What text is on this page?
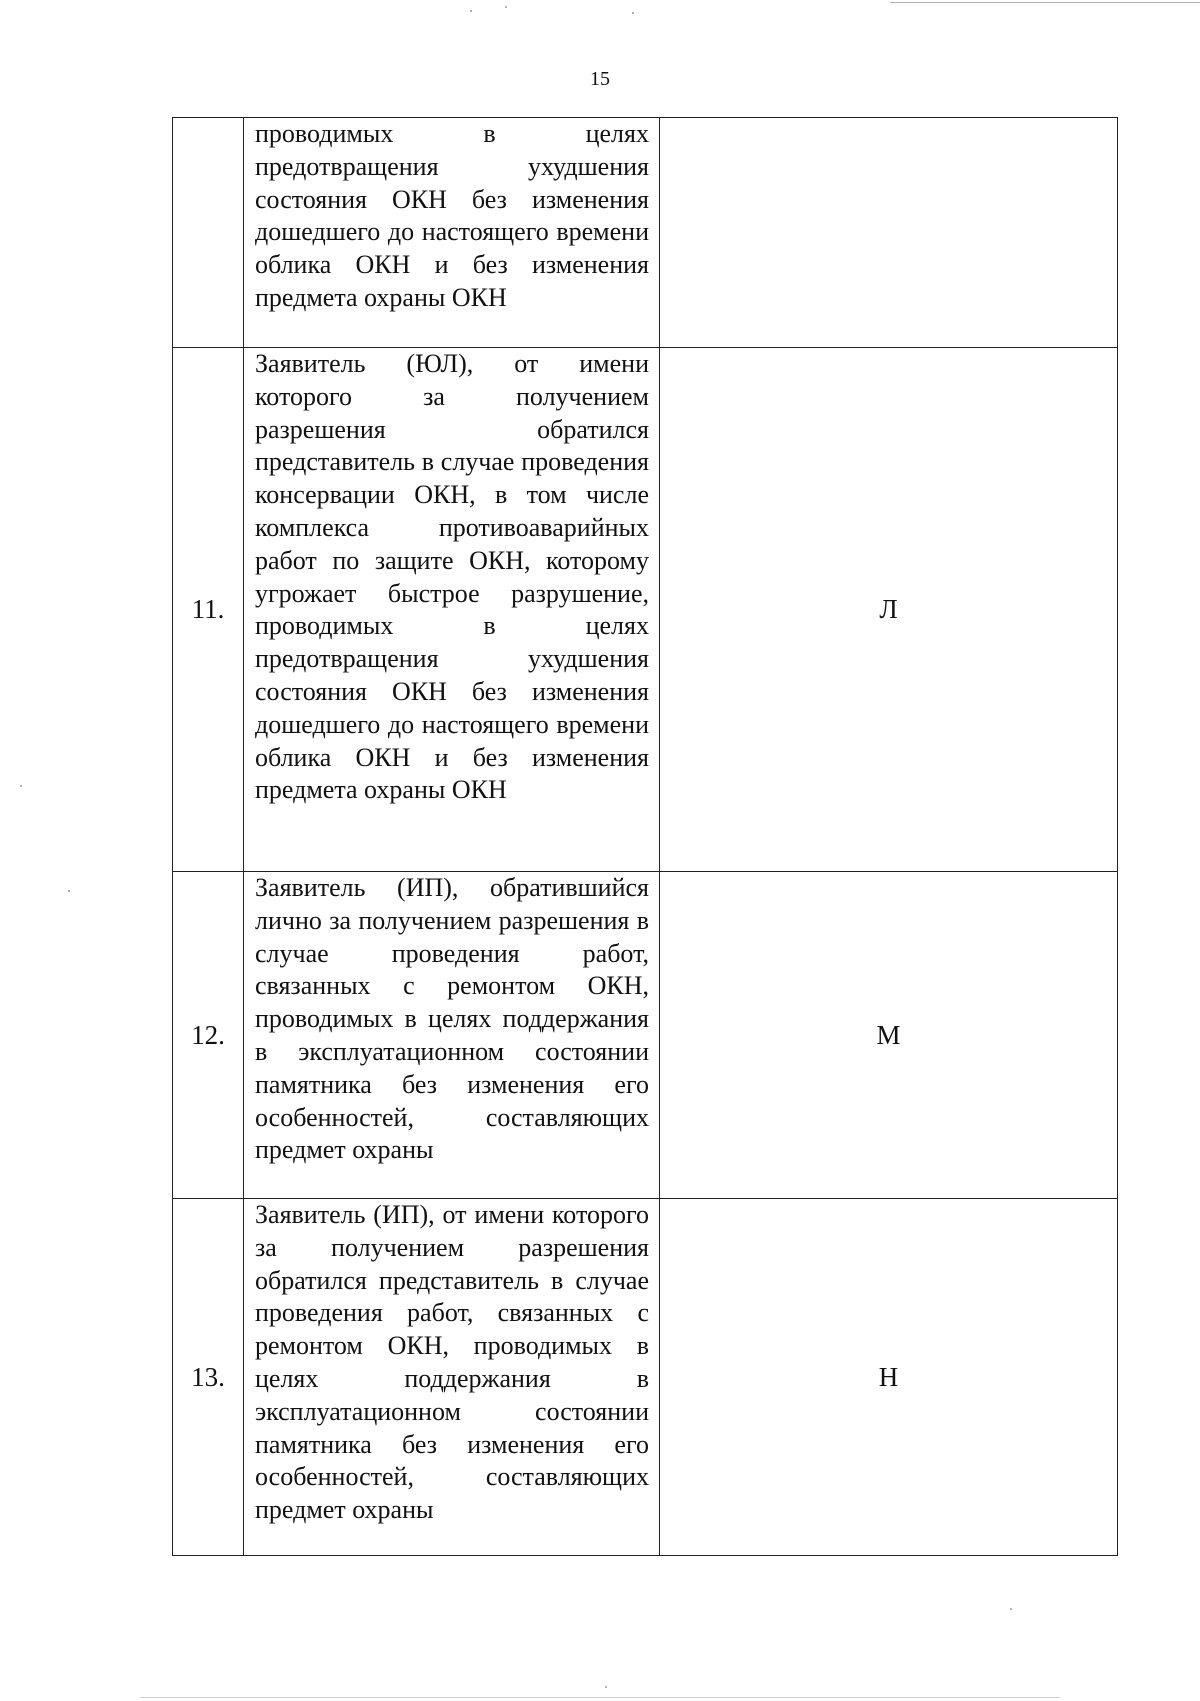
15
	проводимых в целях предотвращения ухудшения состояния ОКН без изменения дошедшего до настоящего времени облика ОКН и без изменения предмета охраны ОКН	
11.	Заявитель (ЮЛ), от имени которого за получением разрешения обратился представитель в случае проведения консервации ОКН, в том числе комплекса противоаварийных работ по защите ОКН, которому угрожает быстрое разрушение, проводимых в целях предотвращения ухудшения состояния ОКН без изменения дошедшего до настоящего времени облика ОКН и без изменения предмета охраны ОКН	Л
12.	Заявитель (ИП), обратившийся лично за получением разрешения в случае проведения работ, связанных с ремонтом ОКН, проводимых в целях поддержания в эксплуатационном состоянии памятника без изменения его особенностей, составляющих предмет охраны	М
13.	Заявитель (ИП), от имени которого за получением разрешения обратился представитель в случае проведения работ, связанных с ремонтом ОКН, проводимых в целях поддержания в эксплуатационном состоянии памятника без изменения его особенностей, составляющих предмет охраны	Н
